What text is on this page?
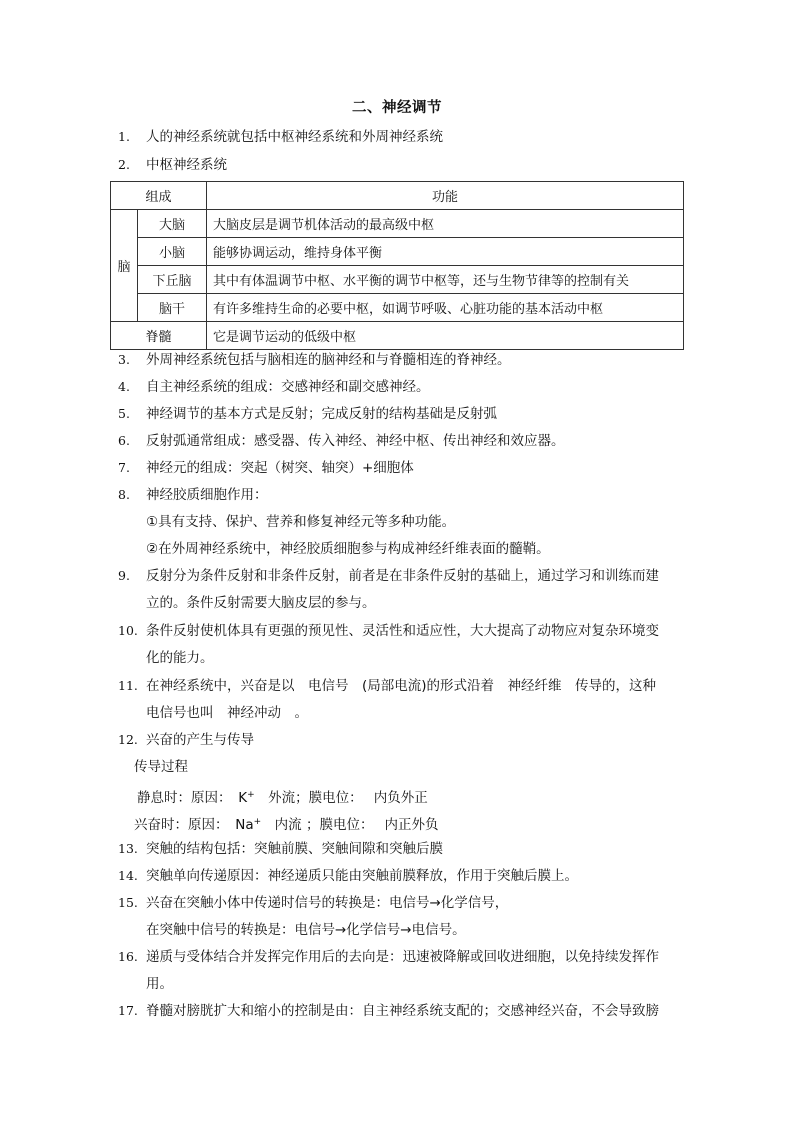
二、神经调节
1. 人的神经系统就包括中枢神经系统和外周神经系统
2. 中枢神经系统
组成		功能
脑	大脑	大脑皮层是调节机体活动的最高级中枢
	小脑	能够协调运动，维持身体平衡
	下丘脑	其中有体温调节中枢、水平衡的调节中枢等，还与生物节律等的控制有关
	脑干	有许多维持生命的必要中枢，如调节呼吸、心脏功能的基本活动中枢
脊髓		它是调节运动的低级中枢
3. 外周神经系统包括与脑相连的脑神经和与脊髓相连的脊神经。
4. 自主神经系统的组成：交感神经和副交感神经。
5. 神经调节的基本方式是反射；完成反射的结构基础是反射弧
6. 反射弧通常组成：感受器、传入神经、神经中枢、传出神经和效应器。
7. 神经元的组成：突起（树突、轴突）+细胞体
8. 神经胶质细胞作用：
①具有支持、保护、营养和修复神经元等多种功能。
②在外周神经系统中，神经胶质细胞参与构成神经纤维表面的髓鞘。
9. 反射分为条件反射和非条件反射，前者是在非条件反射的基础上，通过学习和训练而建
立的。条件反射需要大脑皮层的参与。
10. 条件反射使机体具有更强的预见性、灵活性和适应性，大大提高了动物应对复杂环境变
化的能力。
11. 在神经系统中，兴奋是以　电信号　(局部电流)的形式沿着　神经纤维　传导的，这种
电信号也叫　神经冲动　。
12. 兴奋的产生与传导
传导过程
静息时：原因：　K+　外流；膜电位：　 内负外正
兴奋时：原因：　Na+　内流 ；膜电位：　 内正外负
13. 突触的结构包括：突触前膜、突触间隙和突触后膜
14. 突触单向传递原因：神经递质只能由突触前膜释放，作用于突触后膜上。
15. 兴奋在突触小体中传递时信号的转换是：电信号→化学信号，
在突触中信号的转换是：电信号→化学信号→电信号。
16. 递质与受体结合并发挥完作用后的去向是：迅速被降解或回收进细胞，以免持续发挥作
用。
17. 脊髓对膀胱扩大和缩小的控制是由：自主神经系统支配的；交感神经兴奋，不会导致膀
